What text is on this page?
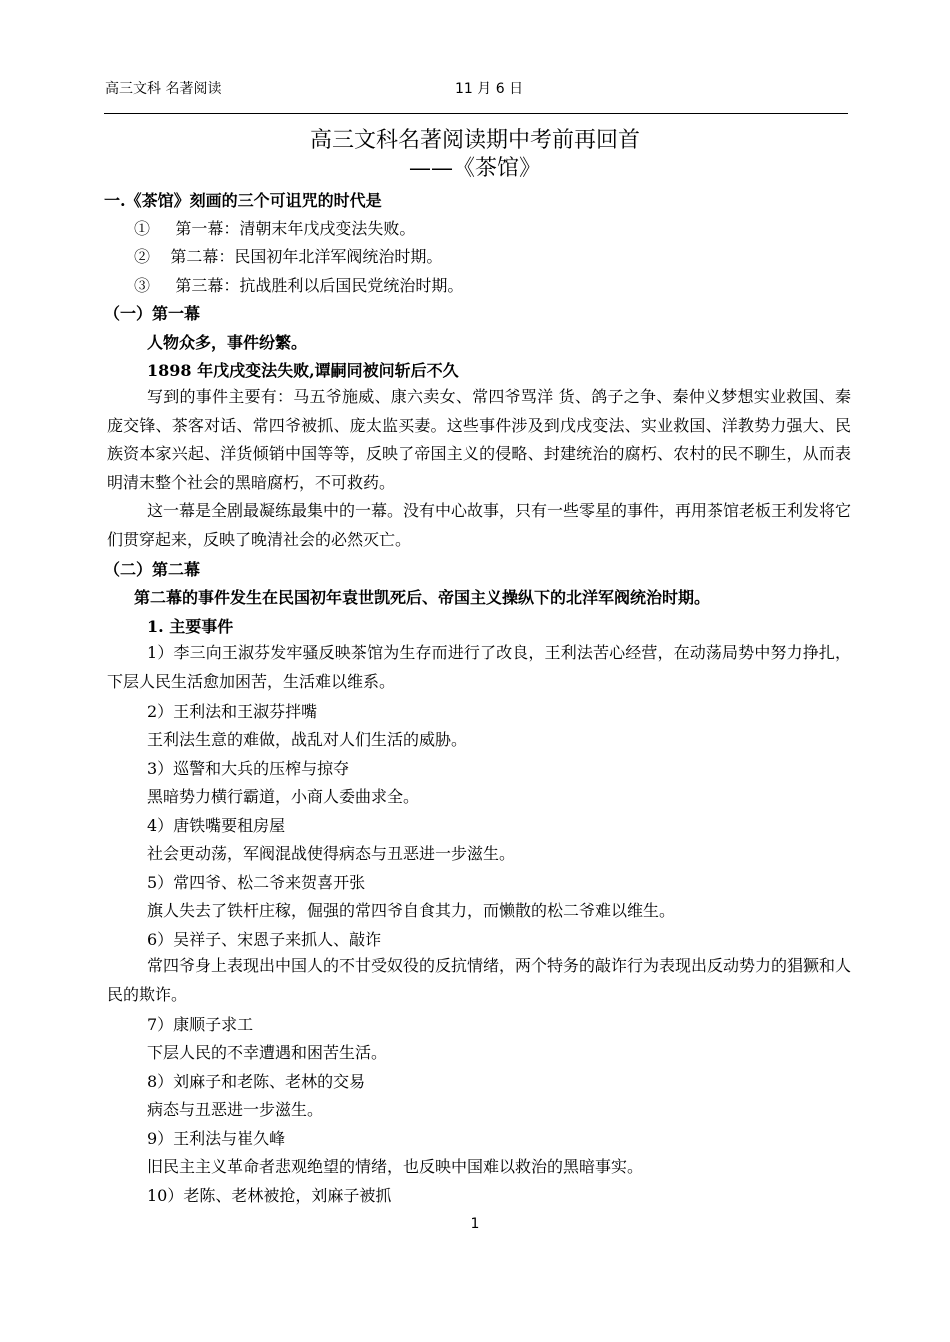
高三文科 名著阅读	11 月 6 日
高三文科名著阅读期中考前再回首
——《茶馆》
一.《茶馆》刻画的三个可诅咒的时代是
①     第一幕：清朝末年戊戌变法失败。
②    第二幕：民国初年北洋军阀统治时期。
③     第三幕：抗战胜利以后国民党统治时期。
（一）第一幕
人物众多，事件纷繁。
1898 年戊戌变法失败,谭嗣同被问斩后不久
写到的事件主要有：马五爷施威、康六卖女、常四爷骂洋 货、鸽子之争、秦仲义梦想实业救国、秦庞交锋、茶客对话、常四爷被抓、庞太监买妻。这些事件涉及到戊戌变法、实业救国、洋教势力强大、民族资本家兴起、洋货倾销中国等等，反映了帝国主义的侵略、封建统治的腐朽、农村的民不聊生，从而表明清末整个社会的黑暗腐朽，不可救药。
这一幕是全剧最凝练最集中的一幕。没有中心故事，只有一些零星的事件，再用茶馆老板王利发将它们贯穿起来，反映了晚清社会的必然灭亡。
（二）第二幕
第二幕的事件发生在民国初年袁世凯死后、帝国主义操纵下的北洋军阀统治时期。
1. 主要事件
1）李三向王淑芬发牢骚反映茶馆为生存而进行了改良，王利法苦心经营，在动荡局势中努力挣扎，下层人民生活愈加困苦，生活难以维系。
2）王利法和王淑芬拌嘴
王利法生意的难做，战乱对人们生活的威胁。
3）巡警和大兵的压榨与掠夺
黑暗势力横行霸道，小商人委曲求全。
4）唐铁嘴要租房屋
社会更动荡，军阀混战使得病态与丑恶进一步滋生。
5）常四爷、松二爷来贺喜开张
旗人失去了铁杆庄稼，倔强的常四爷自食其力，而懒散的松二爷难以维生。
6）吴祥子、宋恩子来抓人、敲诈
常四爷身上表现出中国人的不甘受奴役的反抗情绪，两个特务的敲诈行为表现出反动势力的猖獗和人民的欺诈。
7）康顺子求工
下层人民的不幸遭遇和困苦生活。
8）刘麻子和老陈、老林的交易
病态与丑恶进一步滋生。
9）王利法与崔久峰
旧民主主义革命者悲观绝望的情绪，也反映中国难以救治的黑暗事实。
10）老陈、老林被抢，刘麻子被抓
1
